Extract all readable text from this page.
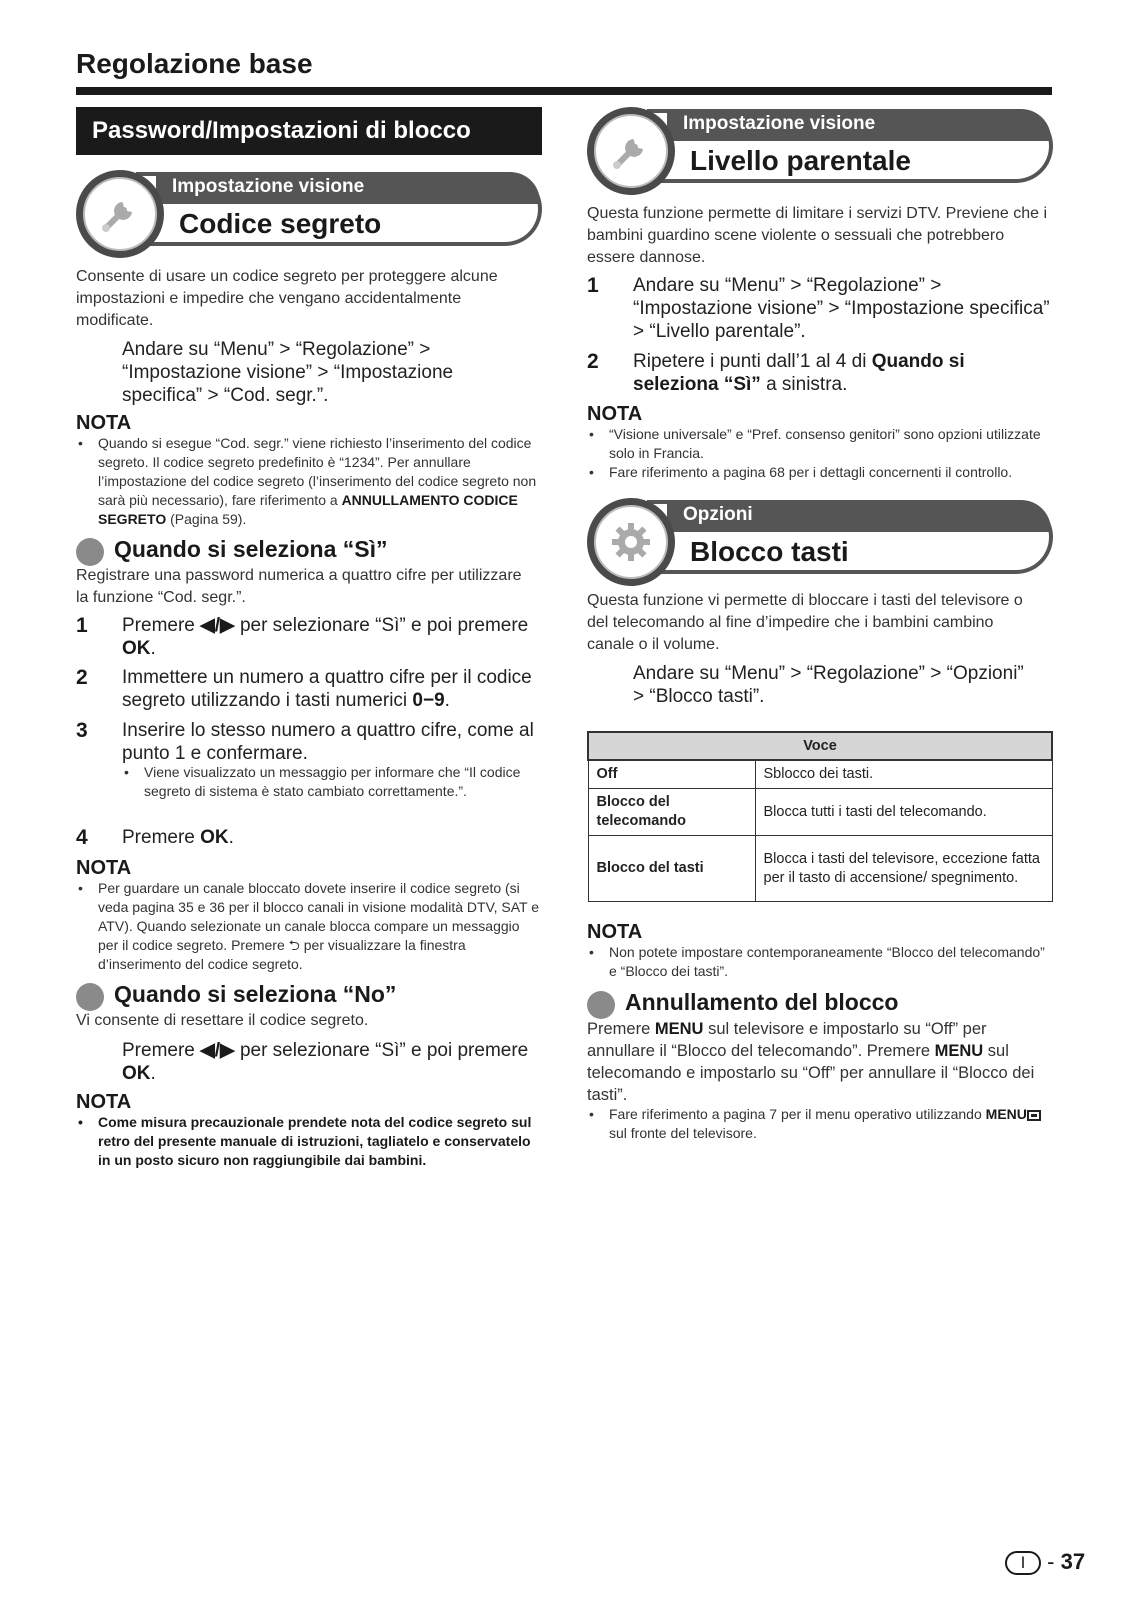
Regolazione base
Password/Impostazioni di blocco
Impostazione visione
Codice segreto
Consente di usare un codice segreto per proteggere alcune impostazioni e impedire che vengano accidentalmente modificate.
Andare su “Menu” > “Regolazione” > “Impostazione visione” > “Impostazione specifica” > “Cod. segr.”.
NOTA
• Quando si esegue “Cod. segr.” viene richiesto l’inserimento del codice segreto. Il codice segreto predefinito è “1234”. Per annullare l’impostazione del codice segreto (l’inserimento del codice segreto non sarà più necessario), fare riferimento a ANNULLAMENTO CODICE SEGRETO (Pagina 59).
Quando si seleziona “Sì”
Registrare una password numerica a quattro cifre per utilizzare la funzione “Cod. segr.”.
1 Premere ◀/▶ per selezionare “Sì” e poi premere OK.
2 Immettere un numero a quattro cifre per il codice segreto utilizzando i tasti numerici 0−9.
3 Inserire lo stesso numero a quattro cifre, come al punto 1 e confermare.
• Viene visualizzato un messaggio per informare che “Il codice segreto di sistema è stato cambiato correttamente.”.
4 Premere OK.
NOTA
• Per guardare un canale bloccato dovete inserire il codice segreto (si veda pagina 35 e 36 per il blocco canali in visione modalità DTV, SAT e ATV). Quando selezionate un canale blocca compare un messaggio per il codice segreto. Premere ⮌ per visualizzare la finestra d’inserimento del codice segreto.
Quando si seleziona “No”
Vi consente di resettare il codice segreto.
Premere ◀/▶ per selezionare “Sì” e poi premere OK.
NOTA
• Come misura precauzionale prendete nota del codice segreto sul retro del presente manuale di istruzioni, tagliatelo e conservatelo in un posto sicuro non raggiungibile dai bambini.
Impostazione visione
Livello parentale
Questa funzione permette di limitare i servizi DTV. Previene che i bambini guardino scene violente o sessuali che potrebbero essere dannose.
1 Andare su “Menu” > “Regolazione” > “Impostazione visione” > “Impostazione specifica” > “Livello parentale”.
2 Ripetere i punti dall’1 al 4 di Quando si seleziona “Sì” a sinistra.
NOTA
• “Visione universale” e “Pref. consenso genitori” sono opzioni utilizzate solo in Francia.
• Fare riferimento a pagina 68 per i dettagli concernenti il controllo.
Opzioni
Blocco tasti
Questa funzione vi permette di bloccare i tasti del televisore o del telecomando al fine d’impedire che i bambini cambino canale o il volume.
Andare su “Menu” > “Regolazione” > “Opzioni” > “Blocco tasti”.
Voce	
Off	Sblocco dei tasti.
Blocco del telecomando	Blocca tutti i tasti del telecomando.
Blocco del tasti	Blocca i tasti del televisore, eccezione fatta per il tasto di accensione/ spegnimento.
NOTA
• Non potete impostare contemporaneamente “Blocco del telecomando” e “Blocco dei tasti”.
Annullamento del blocco
Premere MENU sul televisore e impostarlo su “Off” per annullare il “Blocco del telecomando”. Premere MENU sul telecomando e impostarlo su “Off” per annullare il “Blocco dei tasti”.
• Fare riferimento a pagina 7 per il menu operativo utilizzando MENU sul fronte del televisore.
I - 37
